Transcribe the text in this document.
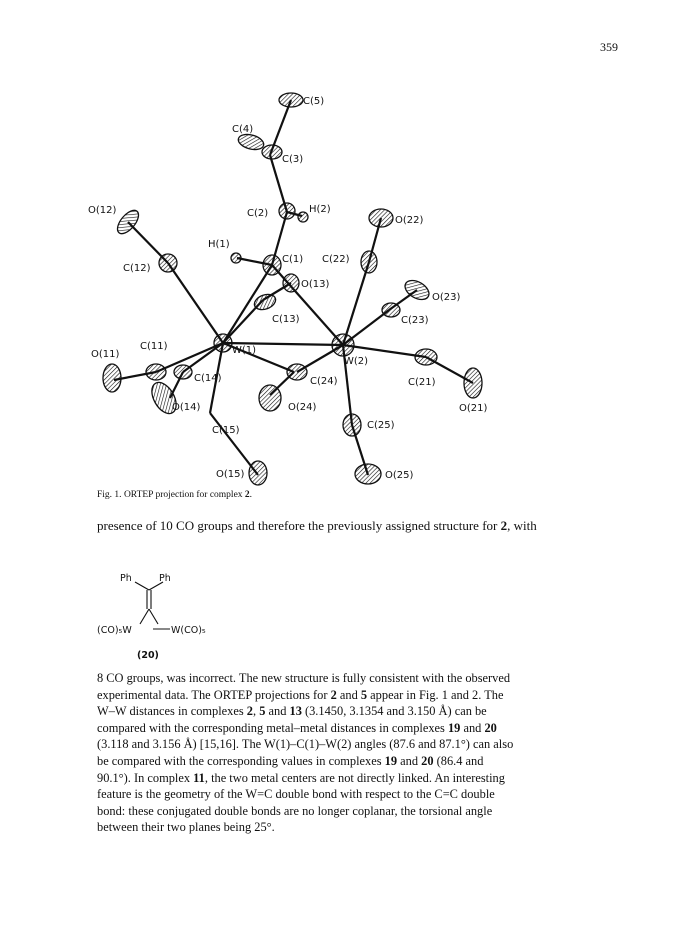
359
C(5)
C(4)
C(3)
C(2)	H(2)
O(12)
O(22)
H(1)
C(1) C(22)
C(12)
O(13)
O(23)
C(13)	C(23)
O(11)
C(11)	W(1)
W(2)
C(14)	C(24)	C(21)
O(14)	O(24)	O(21)
C(15)	C(25)
O(15)	O(25)
Fig. 1. ORTEP projection for complex 2.
presence of 10 CO groups and therefore the previously assigned structure for 2, with
Ph	Ph
(CO)₅W	W(CO)₅
(20)
8 CO groups, was incorrect. The new structure is fully consistent with the observed
experimental data. The ORTEP projections for 2 and 5 appear in Fig. 1 and 2. The
W–W distances in complexes 2, 5 and 13 (3.1450, 3.1354 and 3.150 Å) can be
compared with the corresponding metal–metal distances in complexes 19 and 20
(3.118 and 3.156 Å) [15,16]. The W(1)–C(1)–W(2) angles (87.6 and 87.1°) can also
be compared with the corresponding values in complexes 19 and 20 (86.4 and
90.1°). In complex 11, the two metal centers are not directly linked. An interesting
feature is the geometry of the W=C double bond with respect to the C=C double
bond: these conjugated double bonds are no longer coplanar, the torsional angle
between their two planes being 25°.
